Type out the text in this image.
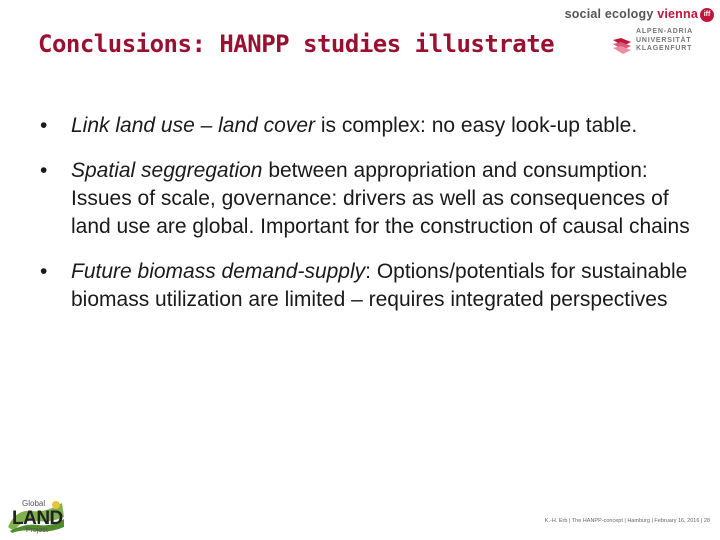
Conclusions: HANPP studies illustrate
social ecology vienna iff
ALPEN-ADRIA
UNIVERSITÄT
KLAGENFURT
• Link land use – land cover is complex: no easy look-up table.
• Spatial seggregation between appropriation and consumption: Issues of scale, governance: drivers as well as consequences of land use are global. Important for the construction of causal chains
• Future biomass demand-supply: Options/potentials for sustainable biomass utilization are limited – requires integrated perspectives
Global
LAND
Project
K.-H. Erb | The HANPP-concept | Hamburg | February 16, 2016 | 28
